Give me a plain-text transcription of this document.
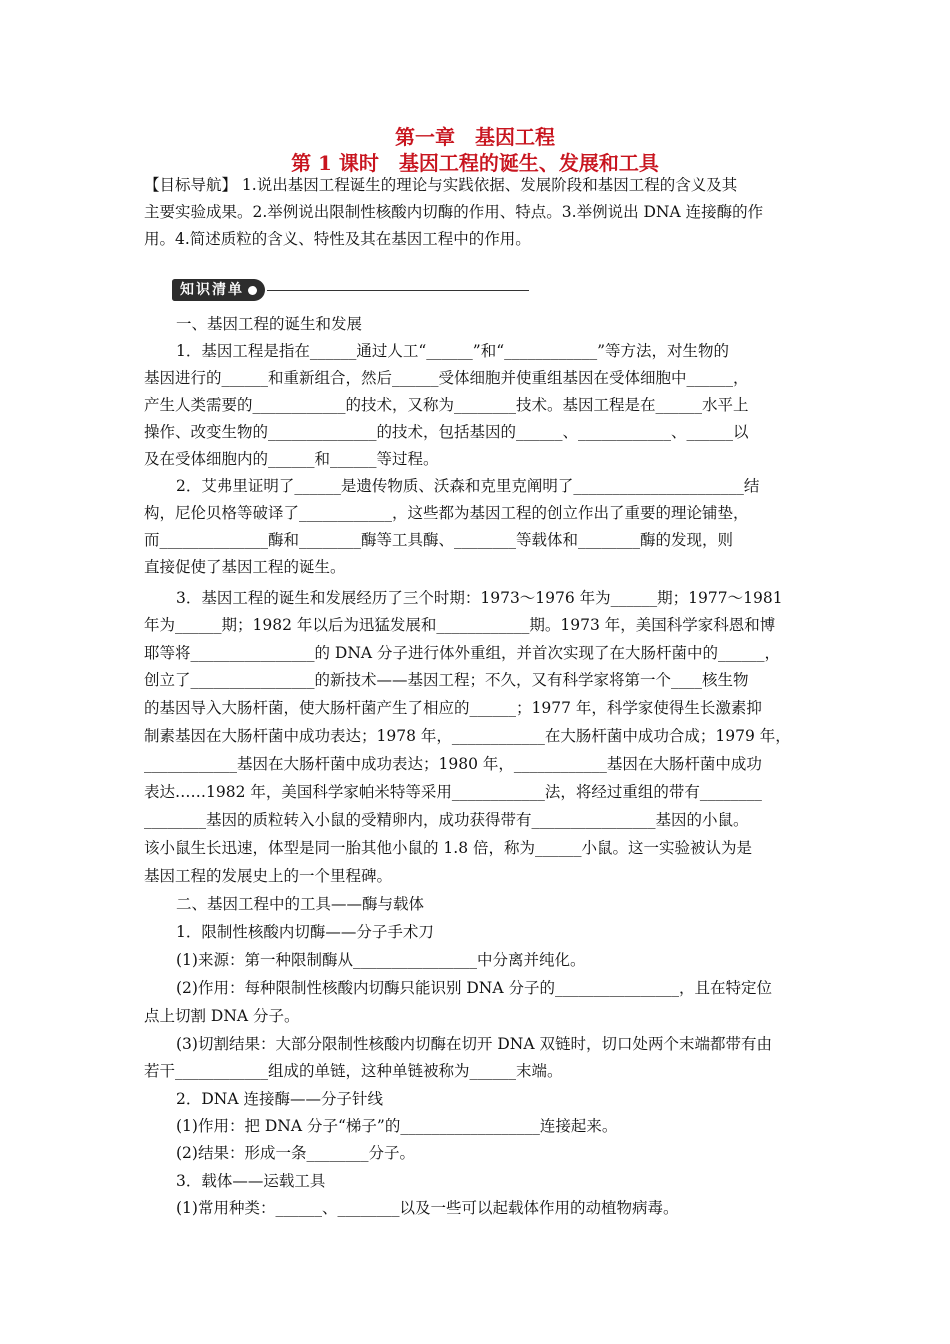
第一章　基因工程
第 1 课时　基因工程的诞生、发展和工具
【目标导航】 1.说出基因工程诞生的理论与实践依据、发展阶段和基因工程的含义及其
主要实验成果。2.举例说出限制性核酸内切酶的作用、特点。3.举例说出 DNA 连接酶的作
用。4.简述质粒的含义、特性及其在基因工程中的作用。
知识清单
一、基因工程的诞生和发展
1．基因工程是指在______通过人工“______”和“____________”等方法，对生物的
基因进行的______和重新组合，然后______受体细胞并使重组基因在受体细胞中______，
产生人类需要的____________的技术，又称为________技术。基因工程是在______水平上
操作、改变生物的______________的技术，包括基因的______、____________、______以
及在受体细胞内的______和______等过程。
2．艾弗里证明了______是遗传物质、沃森和克里克阐明了______________________结
构，尼伦贝格等破译了____________，这些都为基因工程的创立作出了重要的理论铺垫，
而______________酶和________酶等工具酶、________等载体和________酶的发现，则
直接促使了基因工程的诞生。
3．基因工程的诞生和发展经历了三个时期：1973～1976 年为______期；1977～1981
年为______期；1982 年以后为迅猛发展和____________期。1973 年，美国科学家科恩和博
耶等将________________的 DNA 分子进行体外重组，并首次实现了在大肠杆菌中的______，
创立了________________的新技术——基因工程；不久，又有科学家将第一个____核生物
的基因导入大肠杆菌，使大肠杆菌产生了相应的______；1977 年，科学家使得生长激素抑
制素基因在大肠杆菌中成功表达；1978 年，____________在大肠杆菌中成功合成；1979 年，
____________基因在大肠杆菌中成功表达；1980 年，____________基因在大肠杆菌中成功
表达……1982 年，美国科学家帕米特等采用____________法，将经过重组的带有________
________基因的质粒转入小鼠的受精卵内，成功获得带有________________基因的小鼠。
该小鼠生长迅速，体型是同一胎其他小鼠的 1.8 倍，称为______小鼠。这一实验被认为是
基因工程的发展史上的一个里程碑。
二、基因工程中的工具——酶与载体
1．限制性核酸内切酶——分子手术刀
(1)来源：第一种限制酶从________________中分离并纯化。
(2)作用：每种限制性核酸内切酶只能识别 DNA 分子的________________，且在特定位
点上切割 DNA 分子。
(3)切割结果：大部分限制性核酸内切酶在切开 DNA 双链时，切口处两个末端都带有由
若干____________组成的单链，这种单链被称为______末端。
2．DNA 连接酶——分子针线
(1)作用：把 DNA 分子“梯子”的__________________连接起来。
(2)结果：形成一条________分子。
3．载体——运载工具
(1)常用种类：______、________以及一些可以起载体作用的动植物病毒。
